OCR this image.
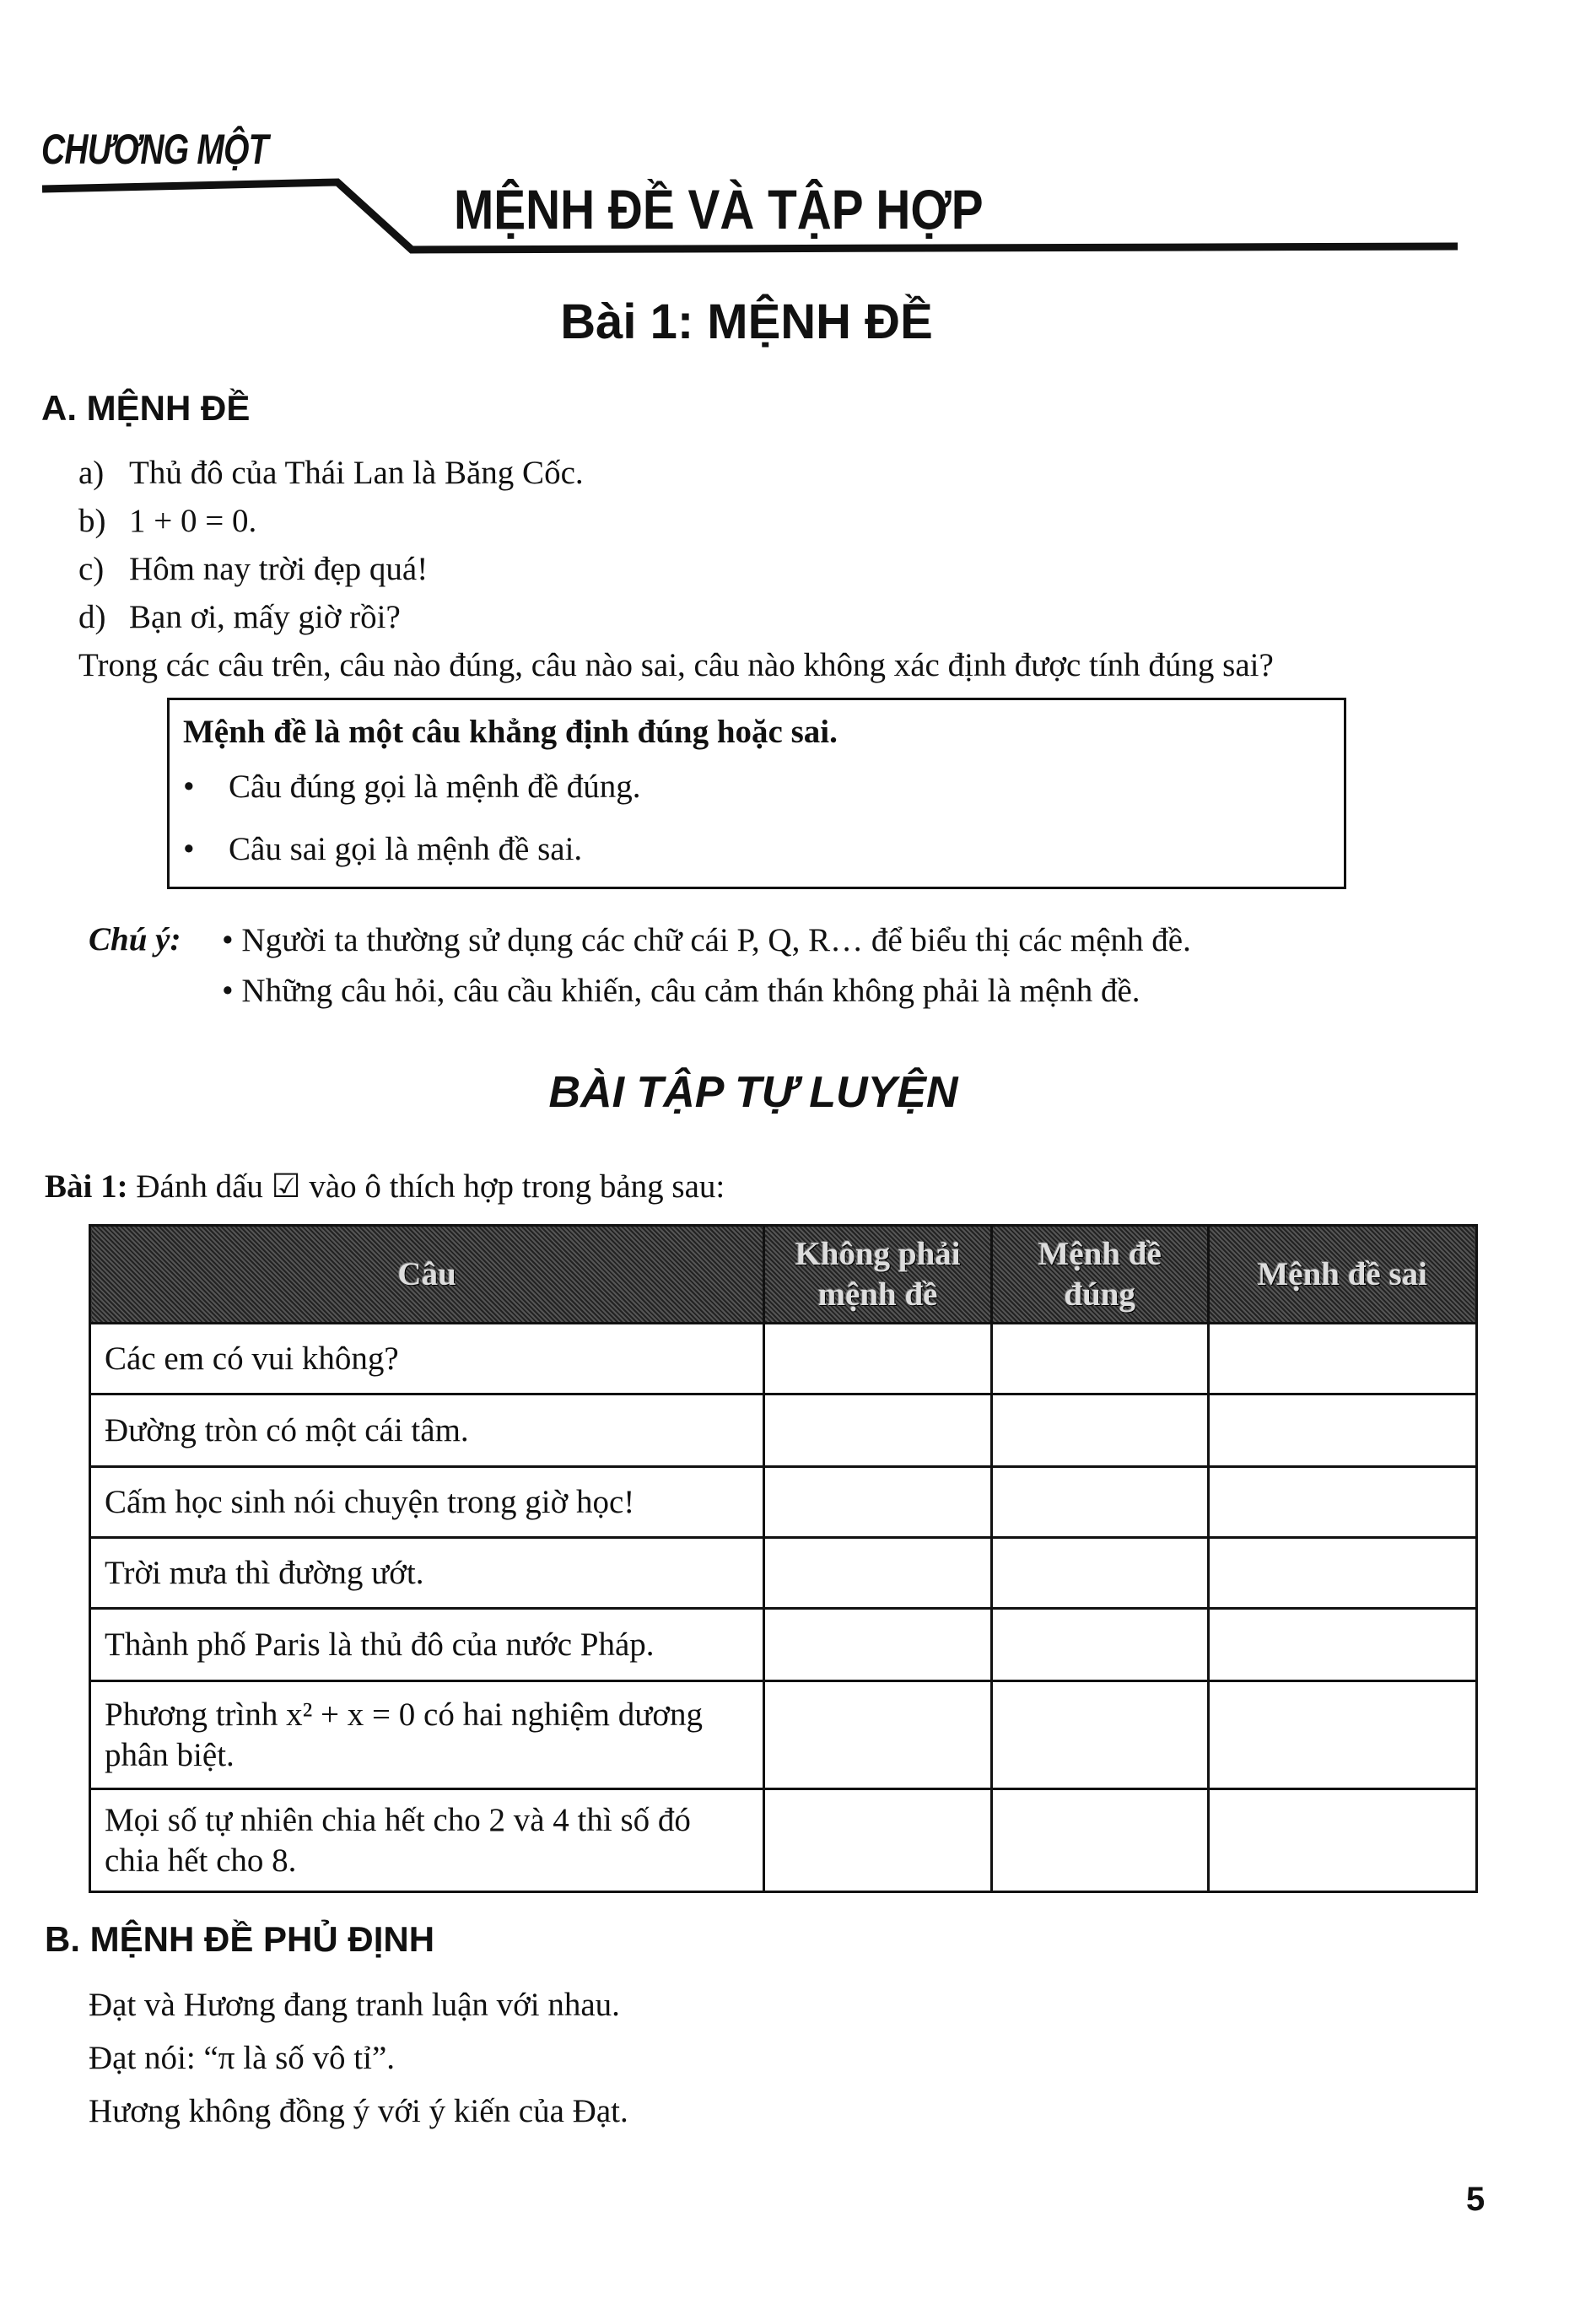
CHƯƠNG MỘT
MỆNH ĐỀ VÀ TẬP HỢP
Bài 1: MỆNH ĐỀ
A. MỆNH ĐỀ
a) Thủ đô của Thái Lan là Băng Cốc.
b) 1 + 0 = 0.
c) Hôm nay trời đẹp quá!
d) Bạn ơi, mấy giờ rồi?
Trong các câu trên, câu nào đúng, câu nào sai, câu nào không xác định được tính đúng sai?
Mệnh đề là một câu khẳng định đúng hoặc sai.
• Câu đúng gọi là mệnh đề đúng.
• Câu sai gọi là mệnh đề sai.
Chú ý: • Người ta thường sử dụng các chữ cái P, Q, R… để biểu thị các mệnh đề.
• Những câu hỏi, câu cầu khiến, câu cảm thán không phải là mệnh đề.
BÀI TẬP TỰ LUYỆN
Bài 1: Đánh dấu ☑ vào ô thích hợp trong bảng sau:
Câu	Không phải mệnh đề	Mệnh đề đúng	Mệnh đề sai
Các em có vui không?			
Đường tròn có một cái tâm.			
Cấm học sinh nói chuyện trong giờ học!			
Trời mưa thì đường ướt.			
Thành phố Paris là thủ đô của nước Pháp.			
Phương trình x² + x = 0 có hai nghiệm dương phân biệt.			
Mọi số tự nhiên chia hết cho 2 và 4 thì số đó chia hết cho 8.			
B. MỆNH ĐỀ PHỦ ĐỊNH
Đạt và Hương đang tranh luận với nhau.
Đạt nói: “π là số vô tỉ”.
Hương không đồng ý với ý kiến của Đạt.
5
